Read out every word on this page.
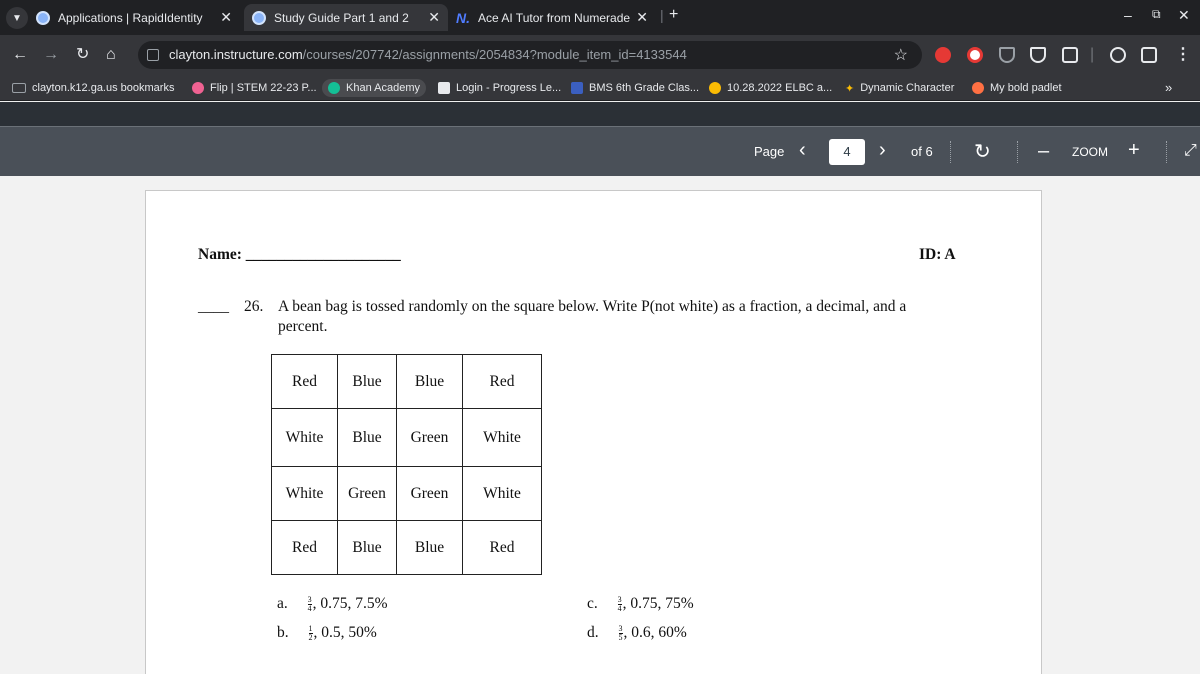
▼	Applications | RapidIdentity ✕	Study Guide Part 1 and 2 ✕ N. Ace AI Tutor from Numerade ✕ | +	– ⧉ ✕
← → ↻ ⌂	clayton.instructure.com/courses/207742/assignments/2054834?module_item_id=4133544	☆	|	⋮
clayton.k12.ga.us bookmarks	Flip | STEM 22-23 P...	Khan Academy	Login - Progress Le...	BMS 6th Grade Clas...	10.28.2022 ELBC a... ✦ Dynamic Character	My bold padlet	»
Page ‹	4	› of 6 ↻ – ZOOM +	⤢
Name: ____________________	ID: A
____ 26. A bean bag is tossed randomly on the square below. Write P(not white) as a fraction, a decimal, and a
percent.
Red	Blue	Blue	Red
White	Blue	Green	White
White	Green	Green	White
Red	Blue	Blue	Red
a. $\frac{3}{4}$ , 0.75, 7.5%
b. $\frac{1}{2}$ , 0.5, 50%
c. $\frac{3}{4}$ , 0.75, 75%
d. $\frac{3}{5}$ , 0.6, 60%
